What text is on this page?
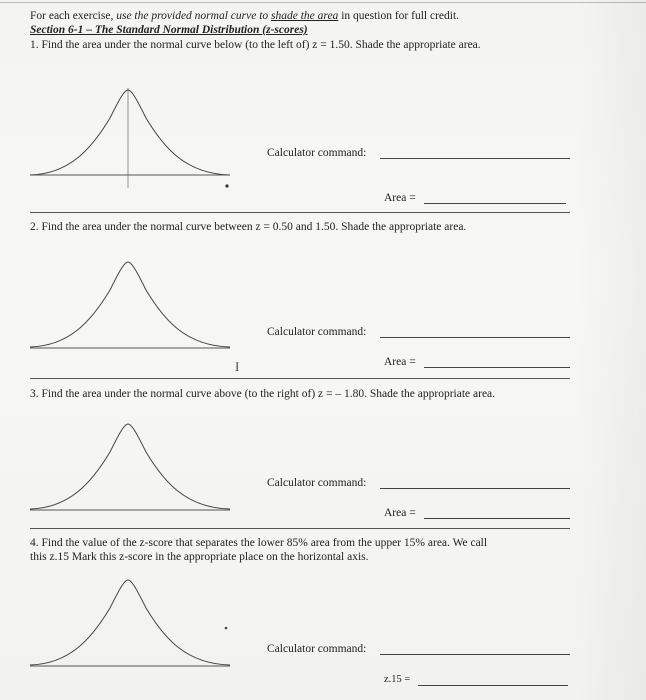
For each exercise, use the provided normal curve to shade the area in question for full credit.
Section 6-1 – The Standard Normal Distribution (z-scores)
1. Find the area under the normal curve below (to the left of) z = 1.50. Shade the appropriate area.
Calculator command:
Area =
2. Find the area under the normal curve between z = 0.50 and 1.50. Shade the appropriate area.
Calculator command:
I	Area =
3. Find the area under the normal curve above (to the right of) z = – 1.80. Shade the appropriate area.
Calculator command:
Area =
4. Find the value of the z-score that separates the lower 85% area from the upper 15% area. We call
this z.15 Mark this z-score in the appropriate place on the horizontal axis.
Calculator command:
z.15 =
